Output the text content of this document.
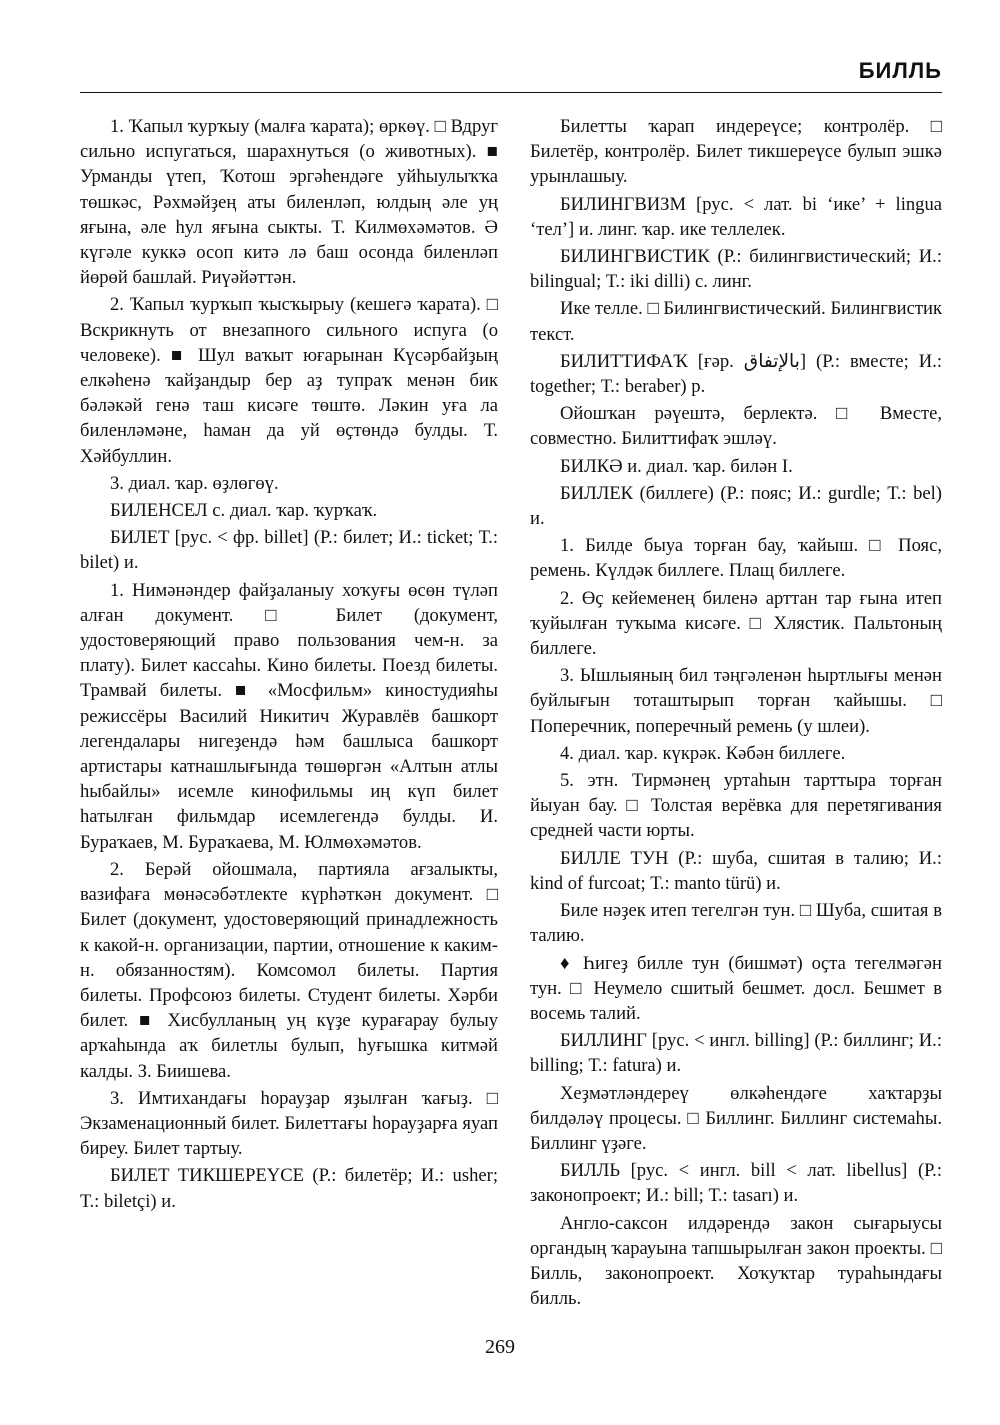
БИЛЛЬ

1. Ҡапыл ҡурҡыу (малға ҡарата); өркөү. □ Вдруг сильно испугаться, шарахнуться (о животных). ■ Урманды үтеп, Ҡотош эргәһендәге уйһыулыҡҡа төшкәс, Рәхмәйҙең аты биленләп, юлдың әле уң яғына, әле һул яғына сыкты. Т. Килмөхәмәтов. Ә күгәле куккә осоп китә лә баш осонда биленләп йөрөй башлай. Риүәйәттән.

2. Ҡапыл ҡурҡып ҡысҡырыу (кешегә ҡарата). □ Вскрикнуть от внезапного сильного испуга (о человеке). ■ Шул ваҡыт юғарынан Күсәрбайҙың елкәһенә ҡайҙандыр бер аҙ тупраҡ менән бик бәләкәй генә таш кисәге төштө. Ләкин уға ла биленләмәне, һаман да уй өҫтөндә булды. Т. Хәйбуллин.

3. диал. ҡар. өҙлөгөү.

БИЛЕНСЕЛ с. диал. ҡар. ҡурҡаҡ.

БИЛЕТ [рус. < фр. billet] (Р.: билет; И.: ticket; Т.: bilet) и.

1. Нимәнәндер файҙаланыу хоҡуғы өсөн түләп алған документ. □ Билет (документ, удостоверяющий право пользования чем-н. за плату). Билет кассаһы. Кино билеты. Поезд билеты. Трамвай билеты. ■ «Мосфильм» киностудияһы режиссёры Василий Никитич Журавлёв башкорт легендалары нигеҙендә һәм башлыса башкорт артистары катнашлығында төшөргән «Алтын атлы һыбайлы» исемле кинофильмы иң күп билет һатылған фильмдар исемлегендә булды. И. Бураҡаев, М. Бураҡаева, М. Юлмөхәмәтов.

2. Берәй ойошмала, партияла ағзалыкты, вазифаға мөнәсәбәтлекте күрһәткән документ. □ Билет (документ, удостоверяющий принадлежность к какой-н. организации, партии, отношение к каким-н. обязанностям). Комсомол билеты. Партия билеты. Профсоюз билеты. Студент билеты. Хәрби билет. ■ Хисбулланың уң күҙе курағарау булыу арҡаһында аҡ билетлы булып, һуғышка китмәй калды. З. Биишева.

3. Имтихандағы һорауҙар яҙылған ҡағыҙ. □ Экзаменационный билет. Билеттағы һорауҙарға яуап биреу. Билет тартыу.

БИЛЕТ ТИКШЕРЕҮСЕ (Р.: билетёр; И.: usher; Т.: biletçi) и.

Билетты ҡарап индереүсе; контролёр. □ Билетёр, контролёр. Билет тикшереүсе булып эшкә урынлашыу.

БИЛИНГВИЗМ [рус. < лат. bi ‘ике’ + lingua ‘тел’] и. линг. ҡар. ике теллелек.

БИЛИНГВИСТИК (Р.: билингвистический; И.: bilingual; Т.: iki dilli) с. линг.

Ике телле. □ Билингвистический. Билингвистик текст.

БИЛИТТИФАҠ [ғәр. بالإتفاق] (Р.: вместе; И.: together; Т.: beraber) р.

Ойошҡан рәүештә, берлектә. □ Вместе, совместно. Билиттифаҡ эшләү.

БИЛКӘ и. диал. ҡар. билән I.

БИЛЛЕК (биллеге) (Р.: пояс; И.: gurdle; Т.: bel) и.

1. Билде быуа торған бау, ҡайыш. □ Пояс, ремень. Күлдәк биллеге. Плащ биллеге.

2. Өҫ кейеменең биленә арттан тар ғына итеп ҡуйылған туҡыма кисәге. □ Хлястик. Пальтоның биллеге.

3. Ышлыяның бил тәңгәленән һыртлығы менән буйлығын тоташтырып торған ҡайышы. □ Поперечник, поперечный ремень (у шлеи).

4. диал. ҡар. күкрәк. Кәбән биллеге.

5. этн. Тирмәнең уртаһын тарттыра торған йыуан бау. □ Толстая верёвка для перетягивания средней части юрты.

БИЛЛЕ ТУН (Р.: шуба, сшитая в талию; И.: kind of furcoat; Т.: manto türü) и.

Биле нәҙек итеп тегелгән тун. □ Шуба, сшитая в талию.

♦ Һигеҙ билле тун (бишмәт) оҫта тегелмәгән тун. □ Неумело сшитый бешмет. досл. Бешмет в восемь талий.

БИЛЛИНГ [рус. < ингл. billing] (Р.: биллинг; И.: billing; Т.: fatura) и.

Хеҙмәтләндереү өлкәһендәге хаҡтарҙы билдәләү процесы. □ Биллинг. Биллинг системаһы. Биллинг үҙәге.

БИЛЛЬ [рус. < ингл. bill < лат. libellus] (Р.: законопроект; И.: bill; Т.: tasarı) и.

Англо-саксон илдәрендә закон сығарыусы органдың ҡарауына тапшырылған закон проекты. □ Билль, законопроект. Хоҡуҡтар тураһындағы билль.

269
